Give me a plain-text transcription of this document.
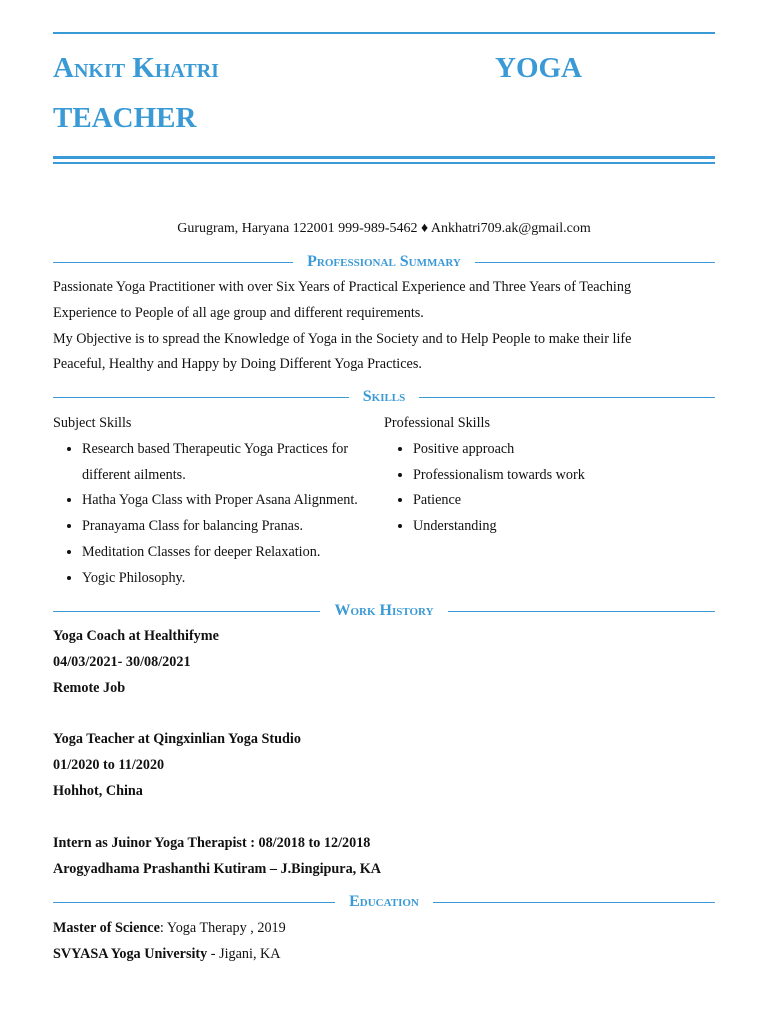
Ankit Khatri	YOGA
TEACHER
Gurugram, Haryana 122001 999-989-5462 ♦ Ankhatri709.ak@gmail.com
Professional Summary

Passionate Yoga Practitioner with over Six Years of Practical Experience and Three Years of Teaching

Experience to People of all age group and different requirements.

My Objective is to spread the Knowledge of Yoga in the Society and to Help People to make their life

Peaceful, Healthy and Happy by Doing Different Yoga Practices.

Skills
Subject Skills
• Research based Therapeutic Yoga Practices for different ailments.
• Hatha Yoga Class with Proper Asana Alignment.
• Pranayama Class for balancing Pranas.
• Meditation Classes for deeper Relaxation.
• Yogic Philosophy.
Professional Skills
• Positive approach
• Professionalism towards work
• Patience
• Understanding
Work History
Yoga Coach at Healthifyme
04/03/2021- 30/08/2021
Remote Job
Yoga Teacher at Qingxinlian Yoga Studio
01/2020 to 11/2020
Hohhot, China
Intern as Juinor Yoga Therapist : 08/2018 to 12/2018
Arogyadhama Prashanthi Kutiram – J.Bingipura, KA
Education
Master of Science: Yoga Therapy , 2019
SVYASA Yoga University - Jigani, KA
